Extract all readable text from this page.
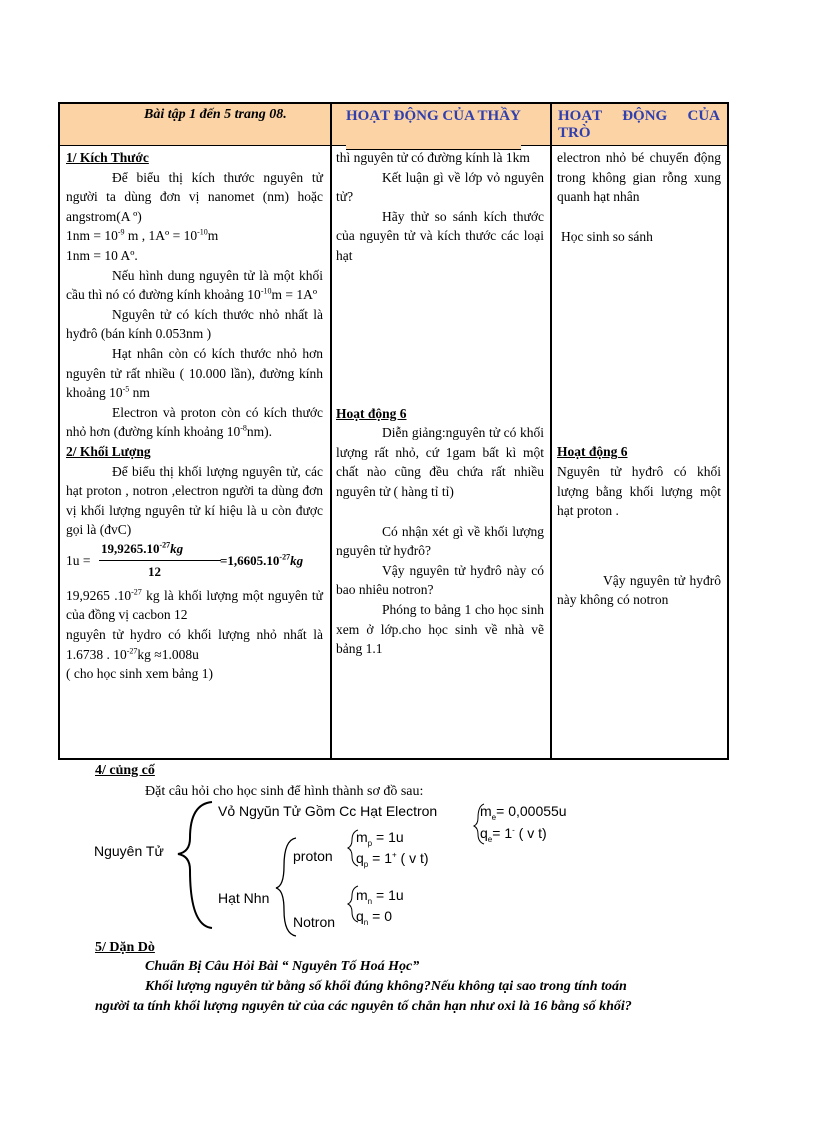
Bài tập 1 đến 5 trang 08.	HOẠT ĐỘNG CỦA THẦY HOẠT ĐỘNG CỦA
TRÒ

1/ Kích Thước

Để biểu thị kích thước nguyên tử người ta dùng đơn vị nanomet (nm) hoặc angstrom(A º)

$1nm = 10^{-9}$ m , 1Aº = $10^{-10}m$

1nm = 10 Aº.

Nếu hình dung nguyên tử là một khối cầu thì nó có đường kính khoảng $10^{-10}m$ = 1Aº

Nguyên tử có kích thước nhỏ nhất là hyđrô (bán kính 0.053nm )

Hạt nhân còn có kích thước nhỏ hơn nguyên tử rất nhiều ( 10.000 lần), đường kính khoảng $10^{-5}$ nm

Electron và proton còn có kích thước nhỏ hơn (đường kính khoảng $10^{-8}nm$).

2/ Khối Lượng

Để biểu thị khối lượng nguyên tử, các hạt proton , notron ,electron người ta dùng đơn vị khối lượng nguyên tử kí hiệu là u còn được gọi là (đvC)

1u =
$19,9265.10^{-27}kg$
12
$=1,6605.10^{-27}kg$

19,9265 $.10^{-27}$ kg là khối lượng một nguyên tử của đồng vị cacbon 12

nguyên tử hydro có khối lượng nhỏ nhất là 1.6738 . $10^{-27}kg \approx 1.008u$

( cho học sinh xem bảng 1)

thì nguyên tử có đường kính là 1km

Kết luận gì về lớp vỏ nguyên tử?

Hãy thử so sánh kích thước của nguyên tử và kích thước các loại hạt

Hoạt động 6

Diễn giảng:nguyên tử có khối lượng rất nhỏ, cứ 1gam bất kì một chất nào cũng đều chứa rất nhiều nguyên tử ( hàng tỉ tỉ)

Có nhận xét gì về khối lượng nguyên tử hyđrô?

Vậy nguyên tử hyđrô này có bao nhiêu notron?

Phóng to bảng 1 cho học sinh xem ở lớp.cho học sinh về nhà vẽ bảng 1.1

electron nhỏ bé chuyển động trong không gian rỗng xung quanh hạt nhân

Học sinh so sánh

Hoạt động 6

Nguyên tử hyđrô có khối lượng bằng khối lượng một hạt proton .

Vậy nguyên tử hyđrô này không có notron

4/ củng cố
Đặt câu hỏi cho học sinh để hình thành sơ đồ sau:
Nguyên Tử
Vỏ Ngyŭn Tử Gồm Cc Hạt Electron
Hạt Nhn
proton
Notron
$m_e= 0,00055u$
$q_e= 1^-$ ( v t)
$m_p = 1u$
$q_p = 1^+$ ( v t)
$m_n = 1u$
$q_n = 0$
5/ Dặn Dò
Chuẩn Bị Câu Hỏi Bài “ Nguyên Tố Hoá Học”
Khối lượng nguyên tử bằng số khối đúng không?Nếu không tại sao trong tính toán
người ta tính khối lượng nguyên tử của các nguyên tố chẳn hạn như oxi là 16 bằng số khối?
